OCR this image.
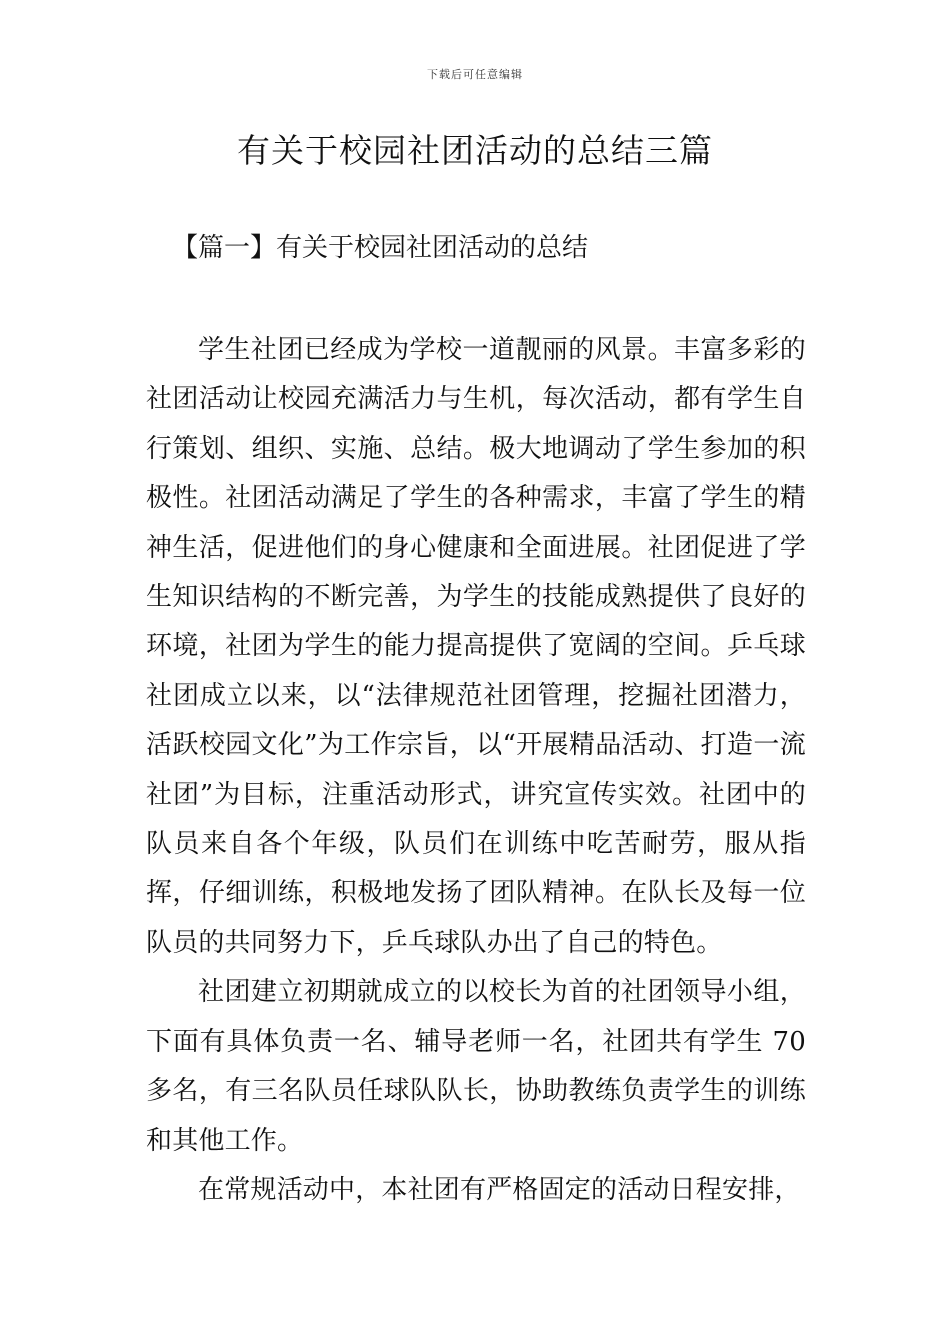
下载后可任意编辑
有关于校园社团活动的总结三篇
【篇一】有关于校园社团活动的总结

学生社团已经成为学校一道靓丽的风景。丰富多彩的社团活动让校园充满活力与生机，每次活动，都有学生自行策划、组织、实施、总结。极大地调动了学生参加的积极性。社团活动满足了学生的各种需求，丰富了学生的精神生活，促进他们的身心健康和全面进展。社团促进了学生知识结构的不断完善，为学生的技能成熟提供了良好的环境，社团为学生的能力提高提供了宽阔的空间。乒乓球社团成立以来，以“法律规范社团管理，挖掘社团潜力，活跃校园文化”为工作宗旨，以“开展精品活动、打造一流社团”为目标，注重活动形式，讲究宣传实效。社团中的队员来自各个年级，队员们在训练中吃苦耐劳，服从指挥，仔细训练，积极地发扬了团队精神。在队长及每一位队员的共同努力下，乒乓球队办出了自己的特色。

社团建立初期就成立的以校长为首的社团领导小组，下面有具体负责一名、辅导老师一名，社团共有学生 70 多名，有三名队员任球队队长，协助教练负责学生的训练和其他工作。

在常规活动中，本社团有严格固定的活动日程安排，
